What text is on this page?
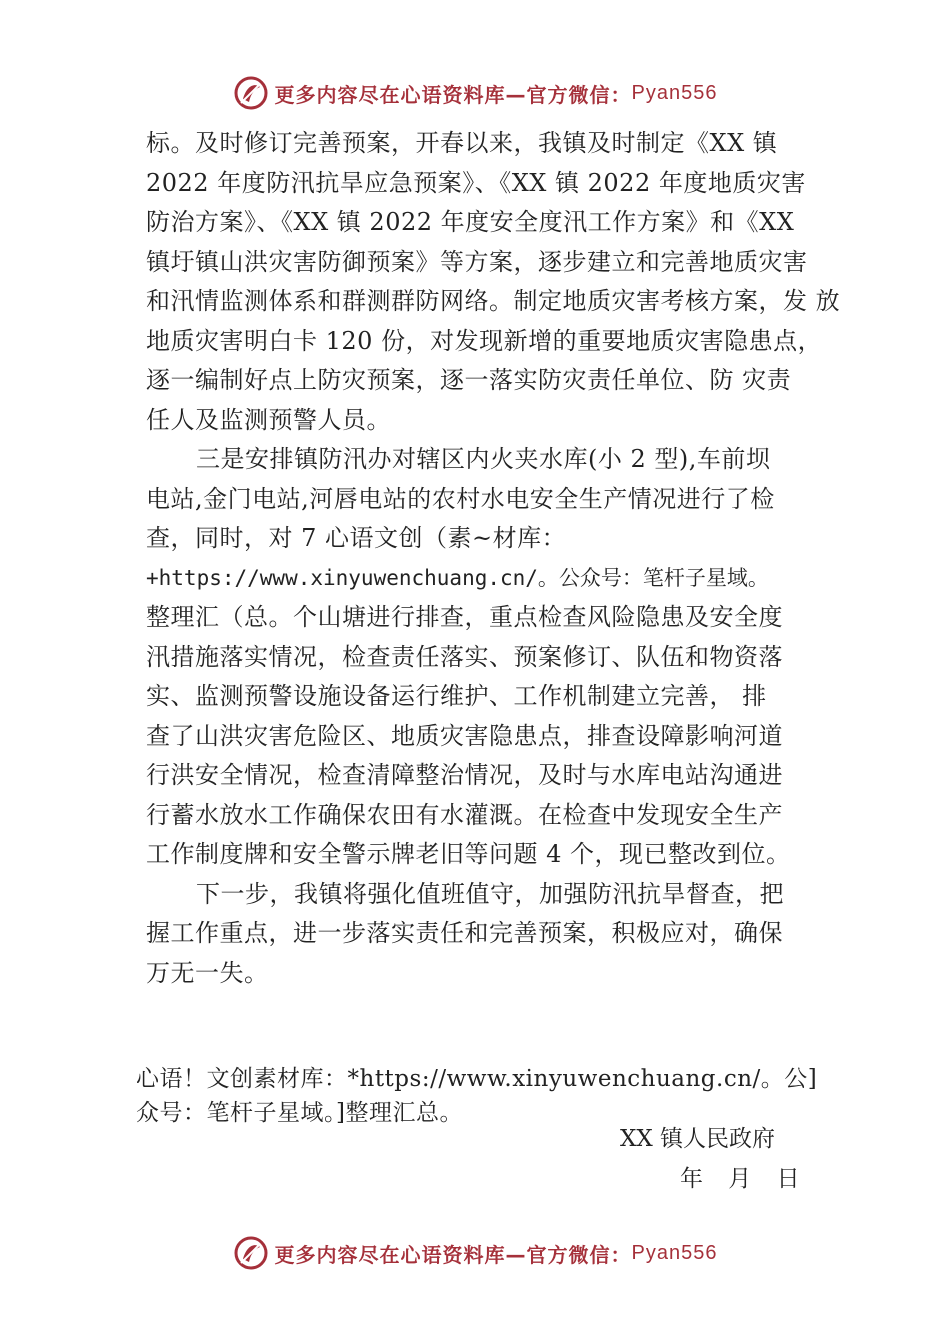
更多内容尽在心语资料库—官方微信： Pyan556
标。及时修订完善预案，开春以来，我镇及时制定《XX 镇
2022 年度防汛抗旱应急预案》、《XX 镇 2022 年度地质灾害
防治方案》、《XX 镇 2022 年度安全度汛工作方案》和《XX
镇圩镇山洪灾害防御预案》等方案，逐步建立和完善地质灾害
和汛情监测体系和群测群防网络。制定地质灾害考核方案，发 放
地质灾害明白卡 120 份，对发现新增的重要地质灾害隐患点，
逐一编制好点上防灾预案，逐一落实防灾责任单位、防 灾责
任人及监测预警人员。
三是安排镇防汛办对辖区内火夹水库(小 2 型),车前坝
电站,金门电站,河唇电站的农村水电安全生产情况进行了检
查，同时，对 7 心语文创（素~材库：
+https://www.xinyuwenchuang.cn/。公众号：笔杆子星域。
整理汇（总。个山塘进行排查，重点检查风险隐患及安全度
汛措施落实情况，检查责任落实、预案修订、队伍和物资落
实、监测预警设施设备运行维护、工作机制建立完善， 排
查了山洪灾害危险区、地质灾害隐患点，排查设障影响河道
行洪安全情况，检查清障整治情况，及时与水库电站沟通进
行蓄水放水工作确保农田有水灌溉。在检查中发现安全生产
工作制度牌和安全警示牌老旧等问题 4 个，现已整改到位。
下一步，我镇将强化值班值守，加强防汛抗旱督查，把
握工作重点，进一步落实责任和完善预案，积极应对，确保
万无一失。
心语！文创素材库：*https://www.xinyuwenchuang.cn/。公]
众号：笔杆子星域。]整理汇总。
XX 镇人民政府
年 月 日
更多内容尽在心语资料库—官方微信： Pyan556
